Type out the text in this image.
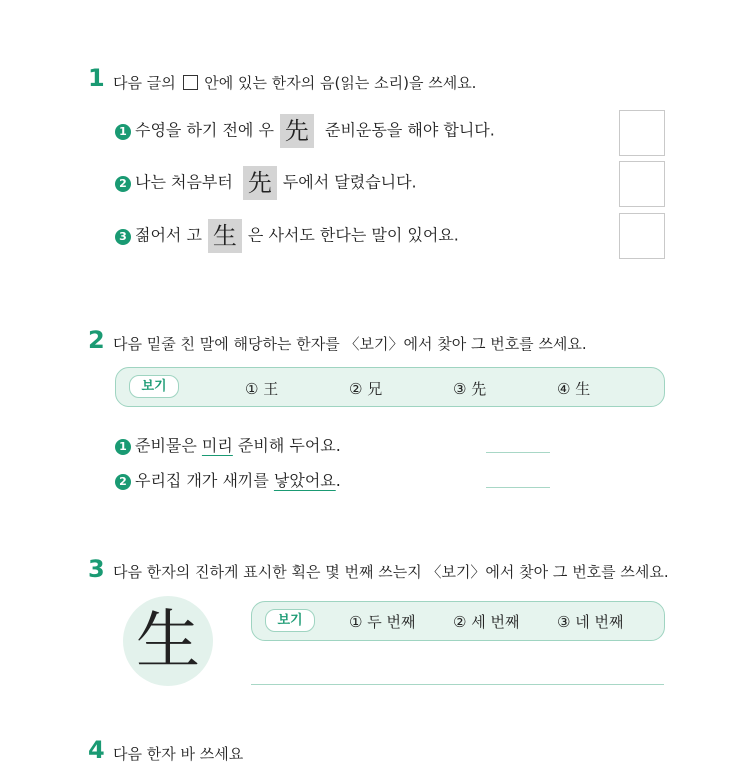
1 다음 글의 안에 있는 한자의 음(읽는 소리)을 쓰세요.
1 수영을 하기 전에 우 先 준비운동을 해야 합니다.
2 나는 처음부터 先 두에서 달렸습니다.
3 젊어서 고 生 은 사서도 한다는 말이 있어요.
2 다음 밑줄 친 말에 해당하는 한자를 〈보기〉에서 찾아 그 번호를 쓰세요.
보기	① 王	② 兄	③ 先	④ 生
1 준비물은 미리 준비해 두어요.
2 우리집 개가 새끼를 낳았어요.
3 다음 한자의 진하게 표시한 획은 몇 번째 쓰는지 〈보기〉에서 찾아 그 번호를 쓰세요.
生	보기	① 두 번째	② 세 번째	③ 네 번째
4 다음 한자 바 쓰세요
